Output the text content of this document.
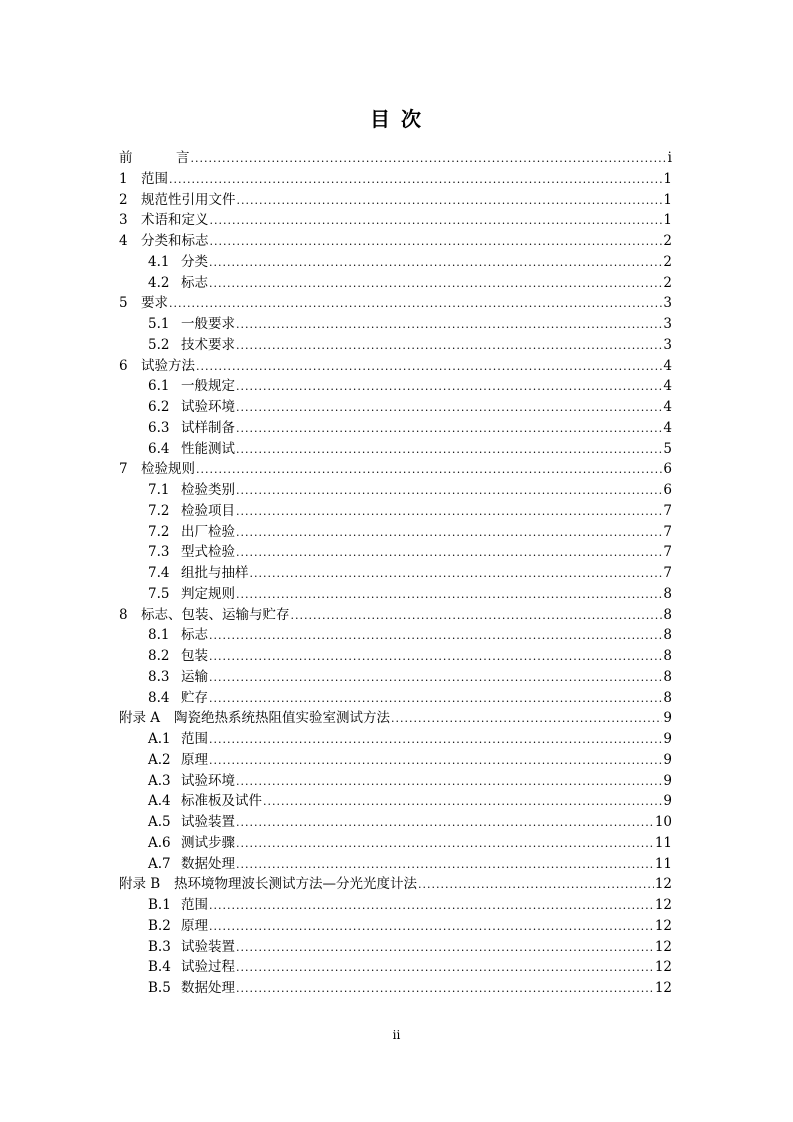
目 次
前	言 .....	i
1 范围 .....	1
2 规范性引用文件 .....	1
3 术语和定义 .....	1
4 分类和标志 .....	2
4.1 分类 .....	2
4.2 标志 .....	2
5 要求 .....	3
5.1 一般要求 .....	3
5.2 技术要求 .....	3
6 试验方法 .....	4
6.1 一般规定 .....	4
6.2 试验环境 .....	4
6.3 试样制备 .....	4
6.4 性能测试 .....	5
7 检验规则 .....	6
7.1 检验类别 .....	6
7.2 检验项目 .....	7
7.2 出厂检验 .....	7
7.3 型式检验 .....	7
7.4 组批与抽样 .....	7
7.5 判定规则 .....	8
8 标志、包装、运输与贮存 .....	8
8.1 标志 .....	8
8.2 包装 .....	8
8.3 运输 .....	8
8.4 贮存 .....	8
附录 A	陶瓷绝热系统热阻值实验室测试方法 .....	9
A.1 范围 .....	9
A.2 原理 .....	9
A.3 试验环境 .....	9
A.4 标准板及试件 .....	9
A.5 试验装置 .....	10
A.6 测试步骤 .....	11
A.7 数据处理 .....	11
附录 B	热环境物理波长测试方法—分光光度计法 .....	12
B.1 范围 .....	12
B.2 原理 .....	12
B.3 试验装置 .....	12
B.4 试验过程 .....	12
B.5 数据处理 .....	12
ii
